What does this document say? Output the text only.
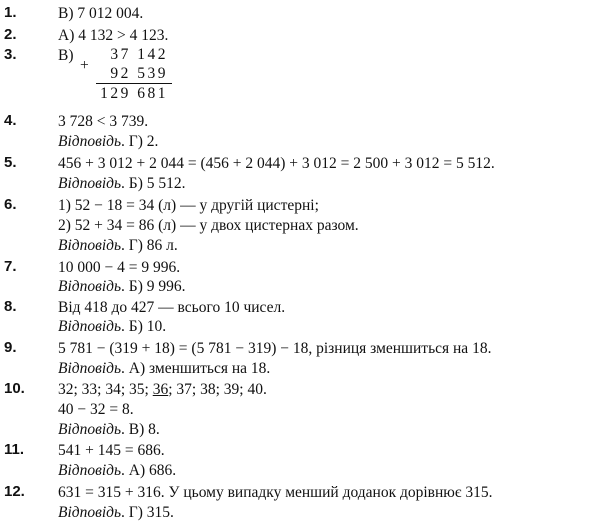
1.	В) 7 012 004.
2.	А) 4 132 > 4 123.
3.	В)
+
37 142
92 539
129 681
4.	3 728 < 3 739.
Відповідь. Г) 2.
5.	456 + 3 012 + 2 044 = (456 + 2 044) + 3 012 = 2 500 + 3 012 = 5 512.
Відповідь. Б) 5 512.
6.	1) 52 − 18 = 34 (л) — у другій цистерні;
2) 52 + 34 = 86 (л) — у двох цистернах разом.
Відповідь. Г) 86 л.
7.	10 000 − 4 = 9 996.
Відповідь. Б) 9 996.
8.	Від 418 до 427 — всього 10 чисел.
Відповідь. Б) 10.
9.	5 781 − (319 + 18) = (5 781 − 319) − 18, різниця зменшиться на 18.
Відповідь. А) зменшиться на 18.
10.	32; 33; 34; 35; 36; 37; 38; 39; 40.
40 − 32 = 8.
Відповідь. В) 8.
11.	541 + 145 = 686.
Відповідь. А) 686.
12.	631 = 315 + 316. У цьому випадку менший доданок дорівнює 315.
Відповідь. Г) 315.
